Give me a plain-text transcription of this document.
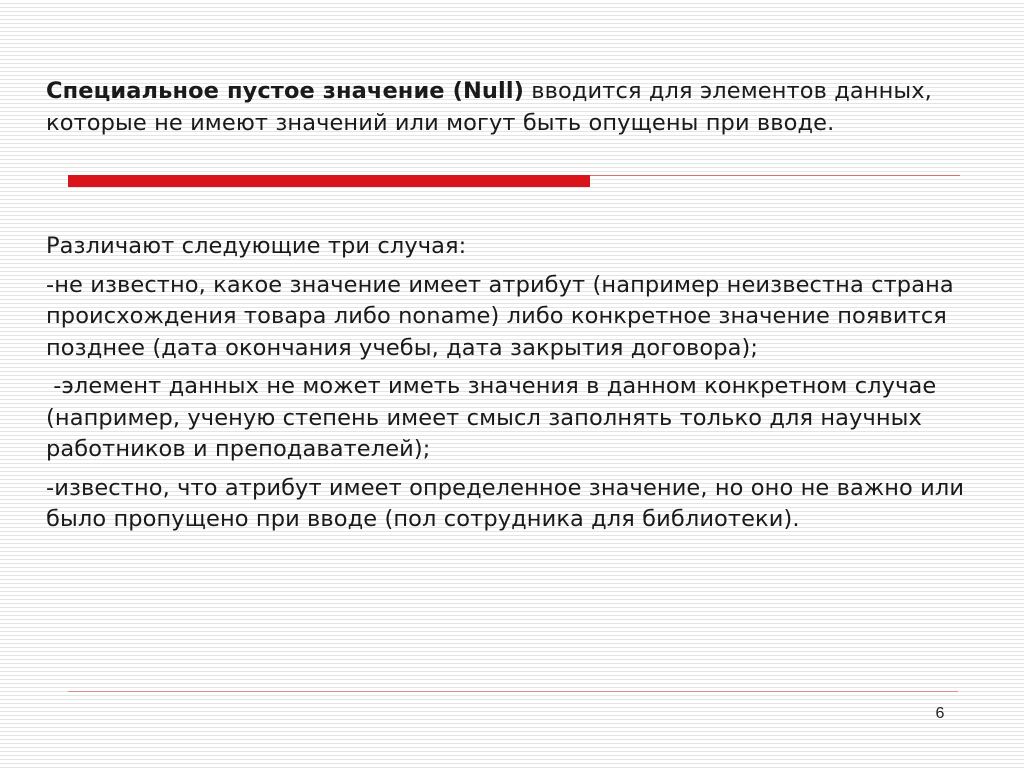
Специальное пустое значение (Null) вводится для элементов данных, которые не имеют значений или могут быть опущены при вводе.

Различают следующие три случая:

-не известно, какое значение имеет атрибут (например неизвестна страна происхождения товара либо noname) либо конкретное значение появится позднее (дата окончания учебы, дата закрытия договора);

-элемент данных не может иметь значения в данном конкретном случае (например, ученую степень имеет смысл заполнять только для научных работников и преподавателей);

-известно, что атрибут имеет определенное значение, но оно не важно или было пропущено при вводе (пол сотрудника для библиотеки).

6
